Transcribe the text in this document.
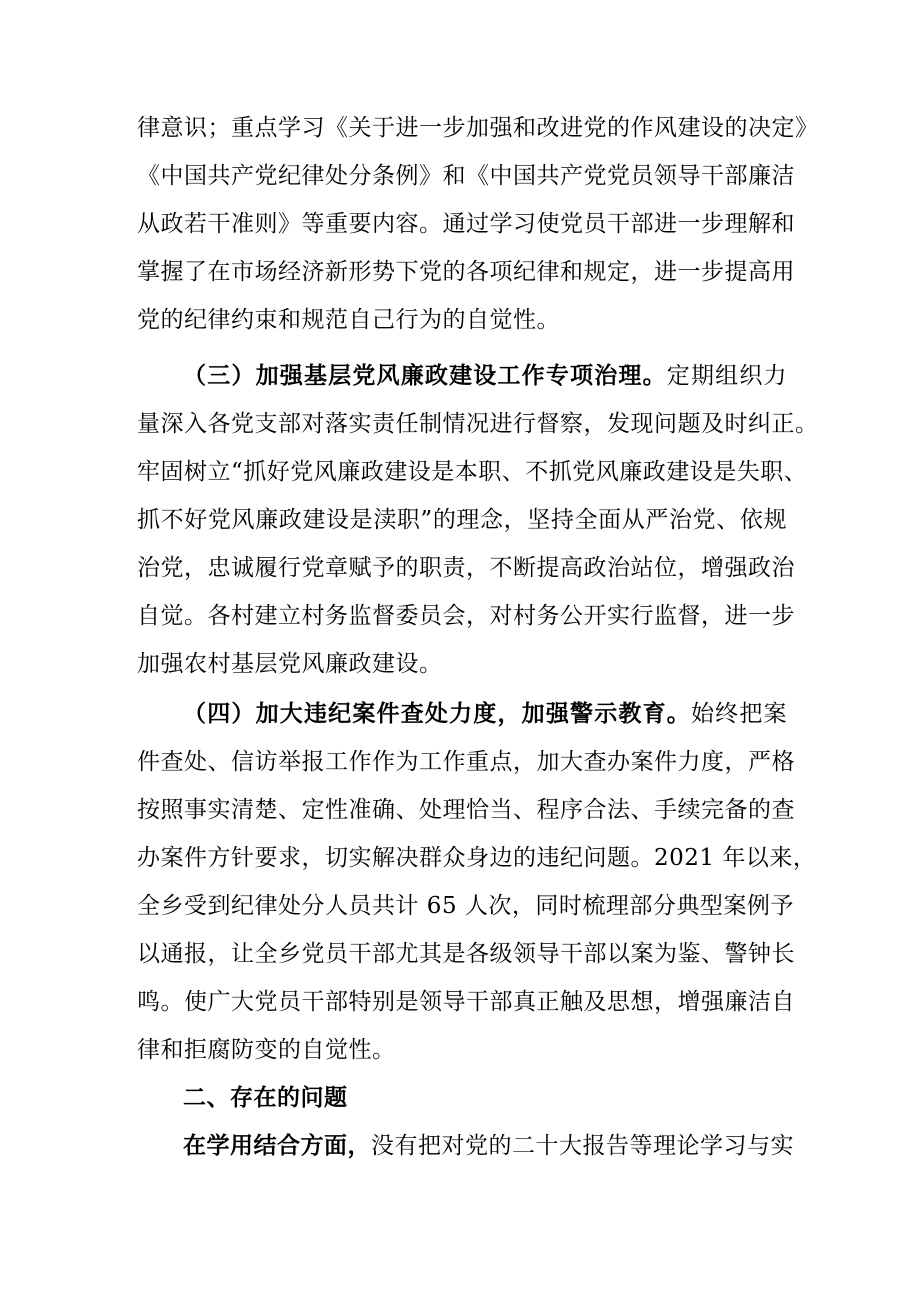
律意识；重点学习《关于进一步加强和改进党的作风建设的决定》
《中国共产党纪律处分条例》和《中国共产党党员领导干部廉洁
从政若干准则》等重要内容。通过学习使党员干部进一步理解和
掌握了在市场经济新形势下党的各项纪律和规定，进一步提高用
党的纪律约束和规范自己行为的自觉性。
（三）加强基层党风廉政建设工作专项治理。定期组织力
量深入各党支部对落实责任制情况进行督察，发现问题及时纠正。
牢固树立“抓好党风廉政建设是本职、不抓党风廉政建设是失职、
抓不好党风廉政建设是渎职”的理念，坚持全面从严治党、依规
治党，忠诚履行党章赋予的职责，不断提高政治站位，增强政治
自觉。各村建立村务监督委员会，对村务公开实行监督，进一步
加强农村基层党风廉政建设。
（四）加大违纪案件查处力度，加强警示教育。始终把案
件查处、信访举报工作作为工作重点，加大查办案件力度，严格
按照事实清楚、定性准确、处理恰当、程序合法、手续完备的查
办案件方针要求，切实解决群众身边的违纪问题。2021 年以来，
全乡受到纪律处分人员共计 65 人次，同时梳理部分典型案例予
以通报，让全乡党员干部尤其是各级领导干部以案为鉴、警钟长
鸣。使广大党员干部特别是领导干部真正触及思想，增强廉洁自
律和拒腐防变的自觉性。
二、存在的问题
在学用结合方面，没有把对党的二十大报告等理论学习与实
